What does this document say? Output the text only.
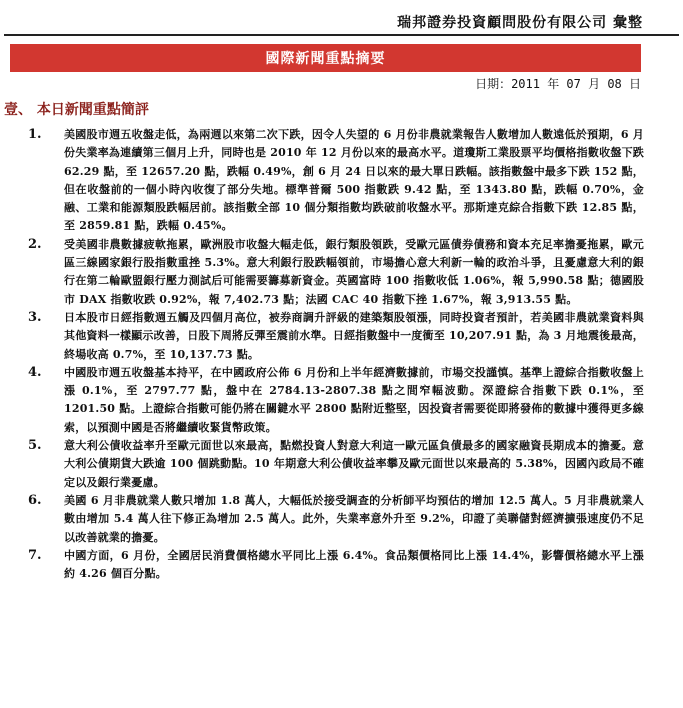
瑞邦證券投資顧問股份有限公司 彙整
國際新聞重點摘要
日期：2011 年 07 月 08 日
壹、 本日新聞重點簡評
1.	美國股市週五收盤走低，為兩週以來第二次下跌，因令人失望的 6 月份非農就業報告人數增加人數遠低於預期，6 月份失業率為連續第三個月上升，同時也是 2010 年 12 月份以來的最高水平。道瓊斯工業股票平均價格指數收盤下跌 62.29 點，至 12657.20 點，跌幅 0.49%，創 6 月 24 日以來的最大單日跌幅。該指數盤中最多下跌 152 點，但在收盤前的一個小時內收復了部分失地。標準普爾 500 指數跌 9.42 點，至 1343.80 點，跌幅 0.70%，金融、工業和能源類股跌幅居前。該指數全部 10 個分類指數均跌破前收盤水平。那斯達克綜合指數下跌 12.85 點，至 2859.81 點，跌幅 0.45%。
2.	受美國非農數據疲軟拖累，歐洲股市收盤大幅走低，銀行類股領跌，受歐元區債券債務和資本充足率擔憂拖累，歐元區三線國家銀行股指數重挫 5.3%。意大利銀行股跌幅領前，市場擔心意大利新一輪的政治斗爭，且憂慮意大利的銀行在第二輪歐盟銀行壓力測試后可能需要籌募新資金。英國富時 100 指數收低 1.06%，報 5,990.58 點；德國股市 DAX 指數收跌 0.92%，報 7,402.73 點；法國 CAC 40 指數下挫 1.67%，報 3,913.55 點。
3.	日本股市日經指數週五觸及四個月高位，被券商調升評級的建築類股領漲，同時投資者預計，若美國非農就業資料與其他資料一樣顯示改善，日股下周將反彈至震前水準。日經指數盤中一度衝至 10,207.91 點，為 3 月地震後最高，終場收高 0.7%，至 10,137.73 點。
4.	中國股市週五收盤基本持平，在中國政府公佈 6 月份和上半年經濟數據前，市場交投謹慎。基準上證綜合指數收盤上漲 0.1%，至 2797.77 點，盤中在 2784.13-2807.38 點之間窄幅波動。深證綜合指數下跌 0.1%，至 1201.50 點。上證綜合指數可能仍將在關鍵水平 2800 點附近整堅，因投資者需要從即將發佈的數據中獲得更多線索，以預測中國是否將繼續收緊貨幣政策。
5.	意大利公債收益率升至歐元面世以來最高，點燃投資人對意大利這一歐元區負債最多的國家融資長期成本的擔憂。意大利公債期貨大跌逾 100 個跳動點。10 年期意大利公債收益率攀及歐元面世以來最高的 5.38%，因國內政局不確定以及銀行業憂慮。
6.	美國 6 月非農就業人數只增加 1.8 萬人，大幅低於接受調查的分析師平均預估的增加 12.5 萬人。5 月非農就業人數由增加 5.4 萬人往下修正為增加 2.5 萬人。此外，失業率意外升至 9.2%，印證了美聯儲對經濟擴張速度仍不足以改善就業的擔憂。
7.	中國方面，6 月份，全國居民消費價格總水平同比上漲 6.4%。食品類價格同比上漲 14.4%，影響價格總水平上漲約 4.26 個百分點。
